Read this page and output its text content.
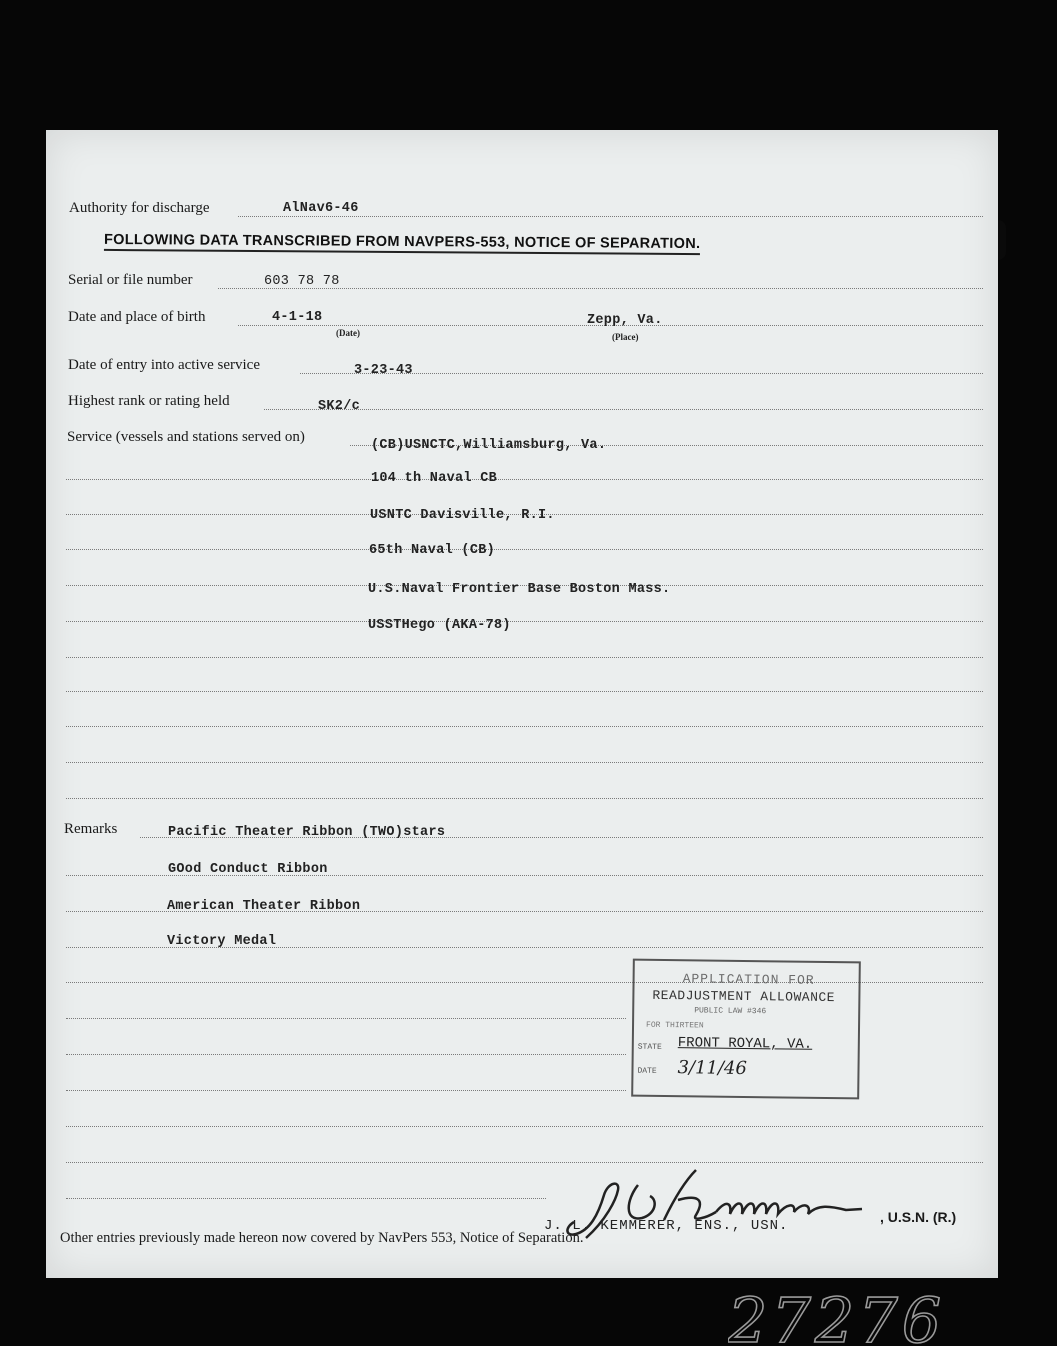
Authority for discharge	AlNav6-46
FOLLOWING DATA TRANSCRIBED FROM NAVPERS-553, NOTICE OF SEPARATION.
Serial or file number	603 78 78
Date and place of birth	4-1-18
(Date)
Zepp, Va.
(Place)
Date of entry into active service	3-23-43
Highest rank or rating held	SK2/c
Service (vessels and stations served on)
(CB)USNCTC,Williamsburg, Va.
104 th Naval CB
USNTC Davisville, R.I.
65th Naval (CB)
U.S.Naval Frontier Base Boston Mass.
USSTHego (AKA-78)
Remarks	Pacific Theater Ribbon (TWO)stars
GOod Conduct Ribbon
American Theater Ribbon
Victory Medal
APPLICATION FOR
READJUSTMENT ALLOWANCE
PUBLIC LAW #346
FOR THIRTEEN
STATE FRONT ROYAL, VA.
DATE 3/11/46
J. L. KEMMERER, ENS., USN.
, U.S.N. (R.)
Other entries previously made hereon now covered by NavPers 553, Notice of Separation.
27276
